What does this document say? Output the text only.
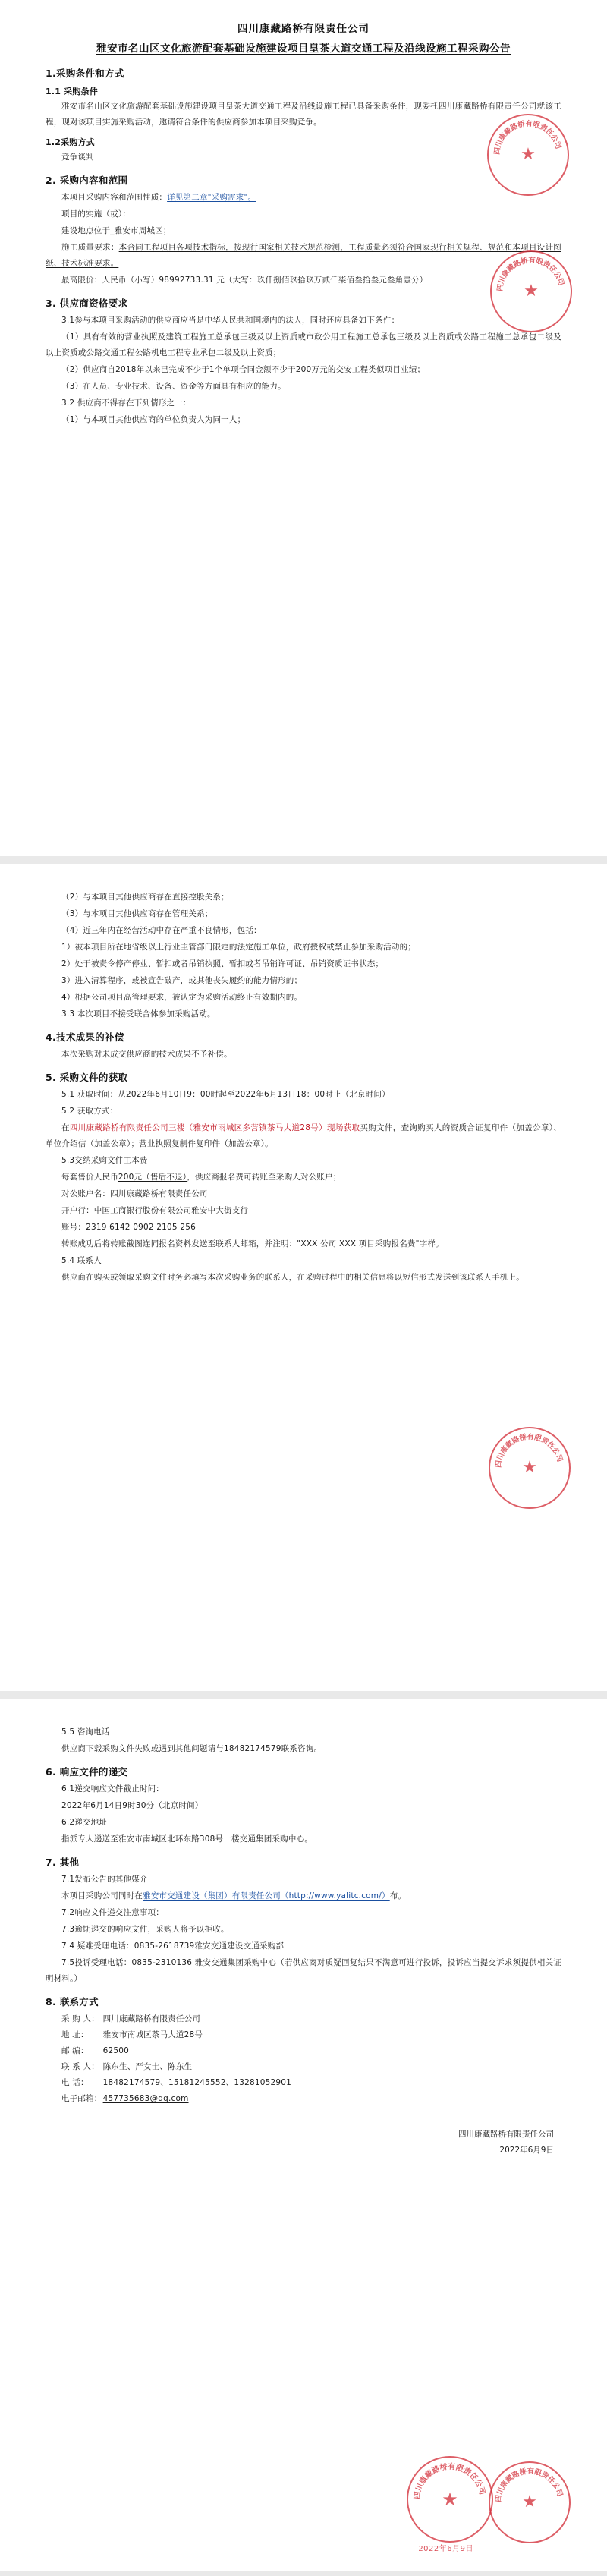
四川康藏路桥有限责任公司
★
四川康藏路桥有限责任公司
★
四川康藏路桥有限责任公司
雅安市名山区文化旅游配套基础设施建设项目皇茶大道交通工程及沿线设施工程采购公告
1.采购条件和方式
1.1 采购条件
雅安市名山区文化旅游配套基础设施建设项目皇茶大道交通工程及沿线设施工程已具备采购条件，现委托四川康藏路桥有限责任公司就该工程，现对该项目实施采购活动，邀请符合条件的供应商参加本项目采购竞争。
1.2采购方式
竞争谈判
2. 采购内容和范围
本项目采购内容和范围性质：详见第二章"采购需求"。
项目的实施（或）：
建设地点位于_雅安市周城区；
施工质量要求：本合同工程项目各项技术指标，按现行国家相关技术规范检测，工程质量必须符合国家现行相关规程、规范和本项目设计图纸、技术标准要求。
最高限价：人民币（小写）98992733.31 元（大写：玖仟捌佰玖拾玖万贰仟柒佰叁拾叁元叁角壹分）
3. 供应商资格要求
3.1参与本项目采购活动的供应商应当是中华人民共和国境内的法人，同时还应具备如下条件：
（1）具有有效的营业执照及建筑工程施工总承包三级及以上资质或市政公用工程施工总承包三级及以上资质或公路工程施工总承包二级及以上资质或公路交通工程公路机电工程专业承包二级及以上资质；
（2）供应商自2018年以来已完成不少于1个单项合同金额不少于200万元的交安工程类似项目业绩；
（3）在人员、专业技术、设备、资金等方面具有相应的能力。
3.2 供应商不得存在下列情形之一：
（1）与本项目其他供应商的单位负责人为同一人；
四川康藏路桥有限责任公司
★
（2）与本项目其他供应商存在直接控股关系；
（3）与本项目其他供应商存在管理关系；
（4）近三年内在经营活动中存在严重不良情形，包括：
1）被本项目所在地省级以上行业主管部门限定的法定施工单位，政府授权或禁止参加采购活动的；
2）处于被责令停产停业、暂扣或者吊销执照、暂扣或者吊销许可证、吊销资质证书状态；
3）进入清算程序，或被宣告破产，或其他丧失履约的能力情形的；
4）根据公司项目高管理要求，被认定为采购活动终止有效期内的。
3.3 本次项目不接受联合体参加采购活动。
4.技术成果的补偿
本次采购对未成交供应商的技术成果不予补偿。
5. 采购文件的获取
5.1 获取时间：从2022年6月10日9：00时起至2022年6月13日18：00时止（北京时间）
5.2 获取方式：
在四川康藏路桥有限责任公司三楼（雅安市雨城区多营镇茶马大道28号）现场获取买购文件，查询购买人的资质合证复印件（加盖公章）、单位介绍信（加盖公章）；营业执照复制件复印件（加盖公章）。
5.3交纳采购文件工本费
每套售价人民币200元（售后不退），供应商报名费可转账至采购人对公账户；
对公账户名：四川康藏路桥有限责任公司
开户行：中国工商银行股份有限公司雅安中大街支行
账号：2319 6142 0902 2105 256
转账成功后将转账截图连同报名资料发送至联系人邮箱，并注明："XXX 公司 XXX 项目采购报名费"字样。
5.4 联系人
供应商在购买或领取采购文件时务必填写本次采购业务的联系人，在采购过程中的相关信息将以短信形式发送到该联系人手机上。
四川康藏路桥有限责任公司
★
四川康藏路桥有限责任公司
★
5.5 咨询电话
供应商下载采购文件失败或遇到其他问题请与18482174579联系咨询。
6. 响应文件的递交
6.1递交响应文件截止时间：
2022年6月14日9时30分（北京时间）
6.2递交地址
指派专人递送至雅安市南城区北环东路308号一楼交通集团采购中心。
7. 其他
7.1发布公告的其他媒介
本项目采购公司同时在雅安市交通建设（集团）有限责任公司（http://www.yalitc.com/）布。
7.2响应文件递交注意事项：
7.3逾期递交的响应文件，采购人将予以拒收。
7.4 疑难受理电话：0835-2618739雅安交通建设交通采购部
7.5投诉受理电话：0835-2310136 雅安交通集团采购中心（若供应商对质疑回复结果不满意可进行投诉，投诉应当提交诉求须提供相关证明材料。）
8. 联系方式
采 购 人： 四川康藏路桥有限责任公司
地 址： 雅安市南城区茶马大道28号
邮 编： 62500
联 系 人： 陈东生、严女士、陈东生
电 话： 18482174579、15181245552、13281052901
电子邮箱：457735683@qq.com
四川康藏路桥有限责任公司
2022年6月9日
2022年6月9日
